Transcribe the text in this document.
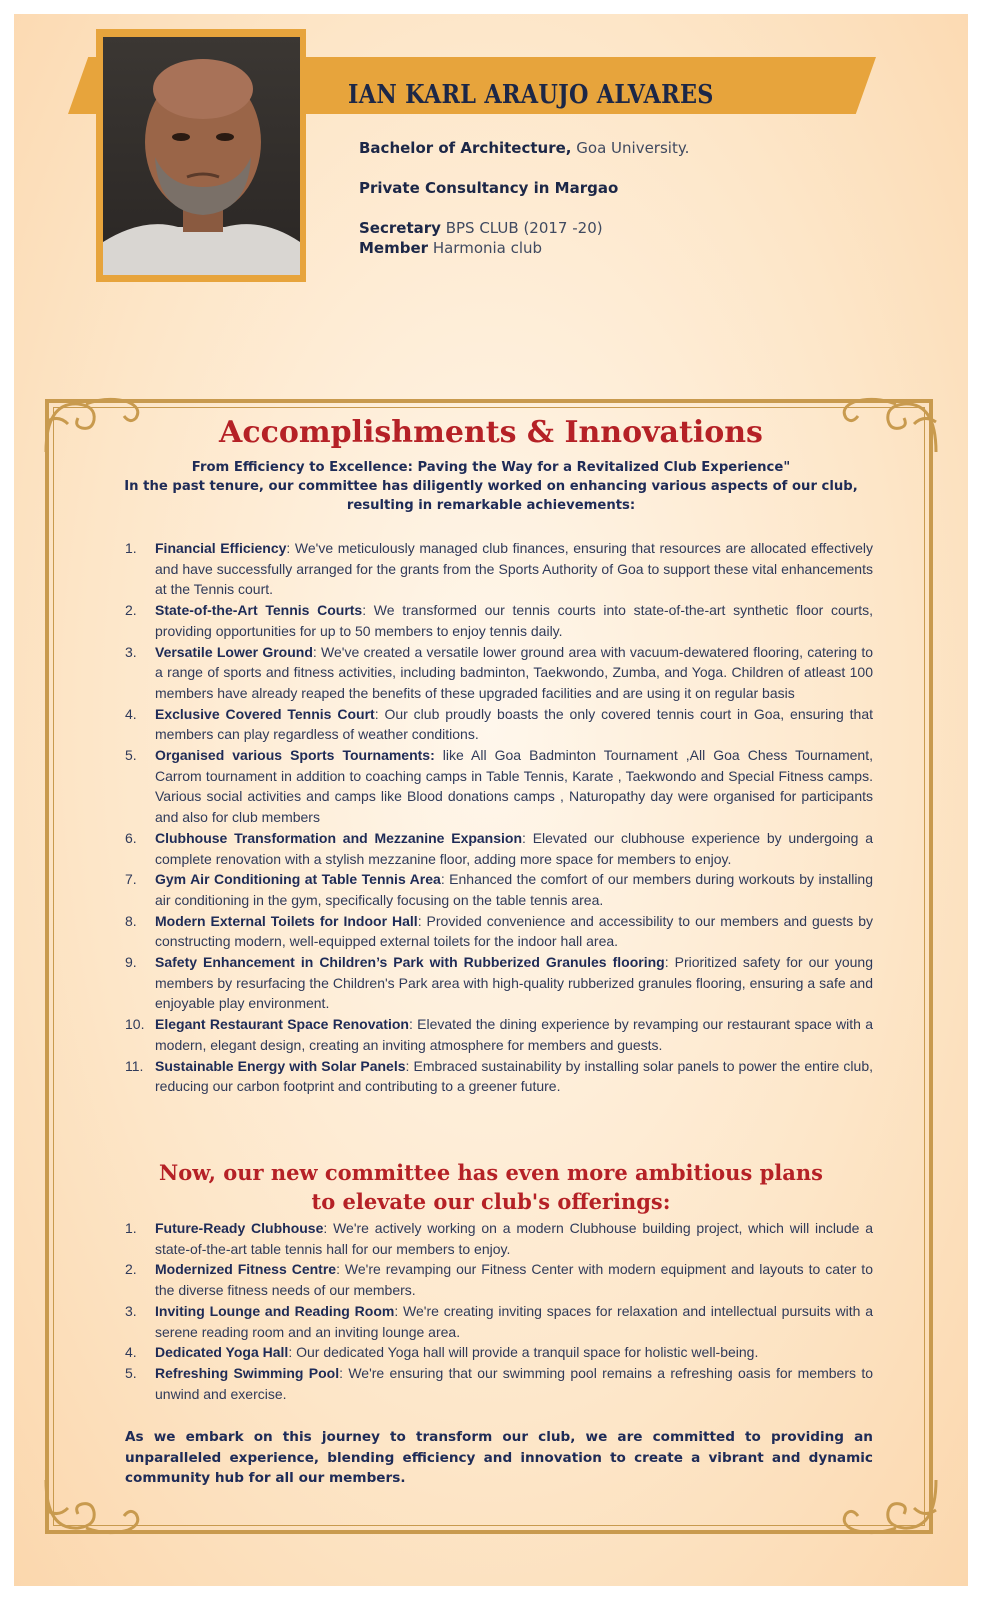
IAN KARL ARAUJO ALVARES
Bachelor of Architecture, Goa University.
Private Consultancy in Margao
Secretary BPS CLUB (2017 -20)
Member Harmonia club
Accomplishments & Innovations
From Efficiency to Excellence: Paving the Way for a Revitalized Club Experience"
In the past tenure, our committee has diligently worked on enhancing various aspects of our club, resulting in remarkable achievements:
1. Financial Efficiency: We've meticulously managed club finances, ensuring that resources are allocated effectively and have successfully arranged for the grants from the Sports Authority of Goa to support these vital enhancements at the Tennis court.
2. State-of-the-Art Tennis Courts: We transformed our tennis courts into state-of-the-art synthetic floor courts, providing opportunities for up to 50 members to enjoy tennis daily.
3. Versatile Lower Ground: We've created a versatile lower ground area with vacuum-dewatered flooring, catering to a range of sports and fitness activities, including badminton, Taekwondo, Zumba, and Yoga. Children of atleast 100 members have already reaped the benefits of these upgraded facilities and are using it on regular basis
4. Exclusive Covered Tennis Court: Our club proudly boasts the only covered tennis court in Goa, ensuring that members can play regardless of weather conditions.
5. Organised various Sports Tournaments: like All Goa Badminton Tournament ,All Goa Chess Tournament, Carrom tournament in addition to coaching camps in Table Tennis, Karate , Taekwondo and Special Fitness camps. Various social activities and camps like Blood donations camps , Naturopathy day were organised for participants and also for club members
6. Clubhouse Transformation and Mezzanine Expansion: Elevated our clubhouse experience by undergoing a complete renovation with a stylish mezzanine floor, adding more space for members to enjoy.
7. Gym Air Conditioning at Table Tennis Area: Enhanced the comfort of our members during workouts by installing air conditioning in the gym, specifically focusing on the table tennis area.
8. Modern External Toilets for Indoor Hall: Provided convenience and accessibility to our members and guests by constructing modern, well-equipped external toilets for the indoor hall area.
9. Safety Enhancement in Children’s Park with Rubberized Granules flooring: Prioritized safety for our young members by resurfacing the Children's Park area with high-quality rubberized granules flooring, ensuring a safe and enjoyable play environment.
10. Elegant Restaurant Space Renovation: Elevated the dining experience by revamping our restaurant space with a modern, elegant design, creating an inviting atmosphere for members and guests.
11. Sustainable Energy with Solar Panels: Embraced sustainability by installing solar panels to power the entire club, reducing our carbon footprint and contributing to a greener future.
Now, our new committee has even more ambitious plans
to elevate our club's offerings:
1. Future-Ready Clubhouse: We're actively working on a modern Clubhouse building project, which will include a state-of-the-art table tennis hall for our members to enjoy.
2. Modernized Fitness Centre: We're revamping our Fitness Center with modern equipment and layouts to cater to the diverse fitness needs of our members.
3. Inviting Lounge and Reading Room: We're creating inviting spaces for relaxation and intellectual pursuits with a serene reading room and an inviting lounge area.
4. Dedicated Yoga Hall: Our dedicated Yoga hall will provide a tranquil space for holistic well-being.
5. Refreshing Swimming Pool: We're ensuring that our swimming pool remains a refreshing oasis for members to unwind and exercise.
As we embark on this journey to transform our club, we are committed to providing an unparalleled experience, blending efficiency and innovation to create a vibrant and dynamic community hub for all our members.
